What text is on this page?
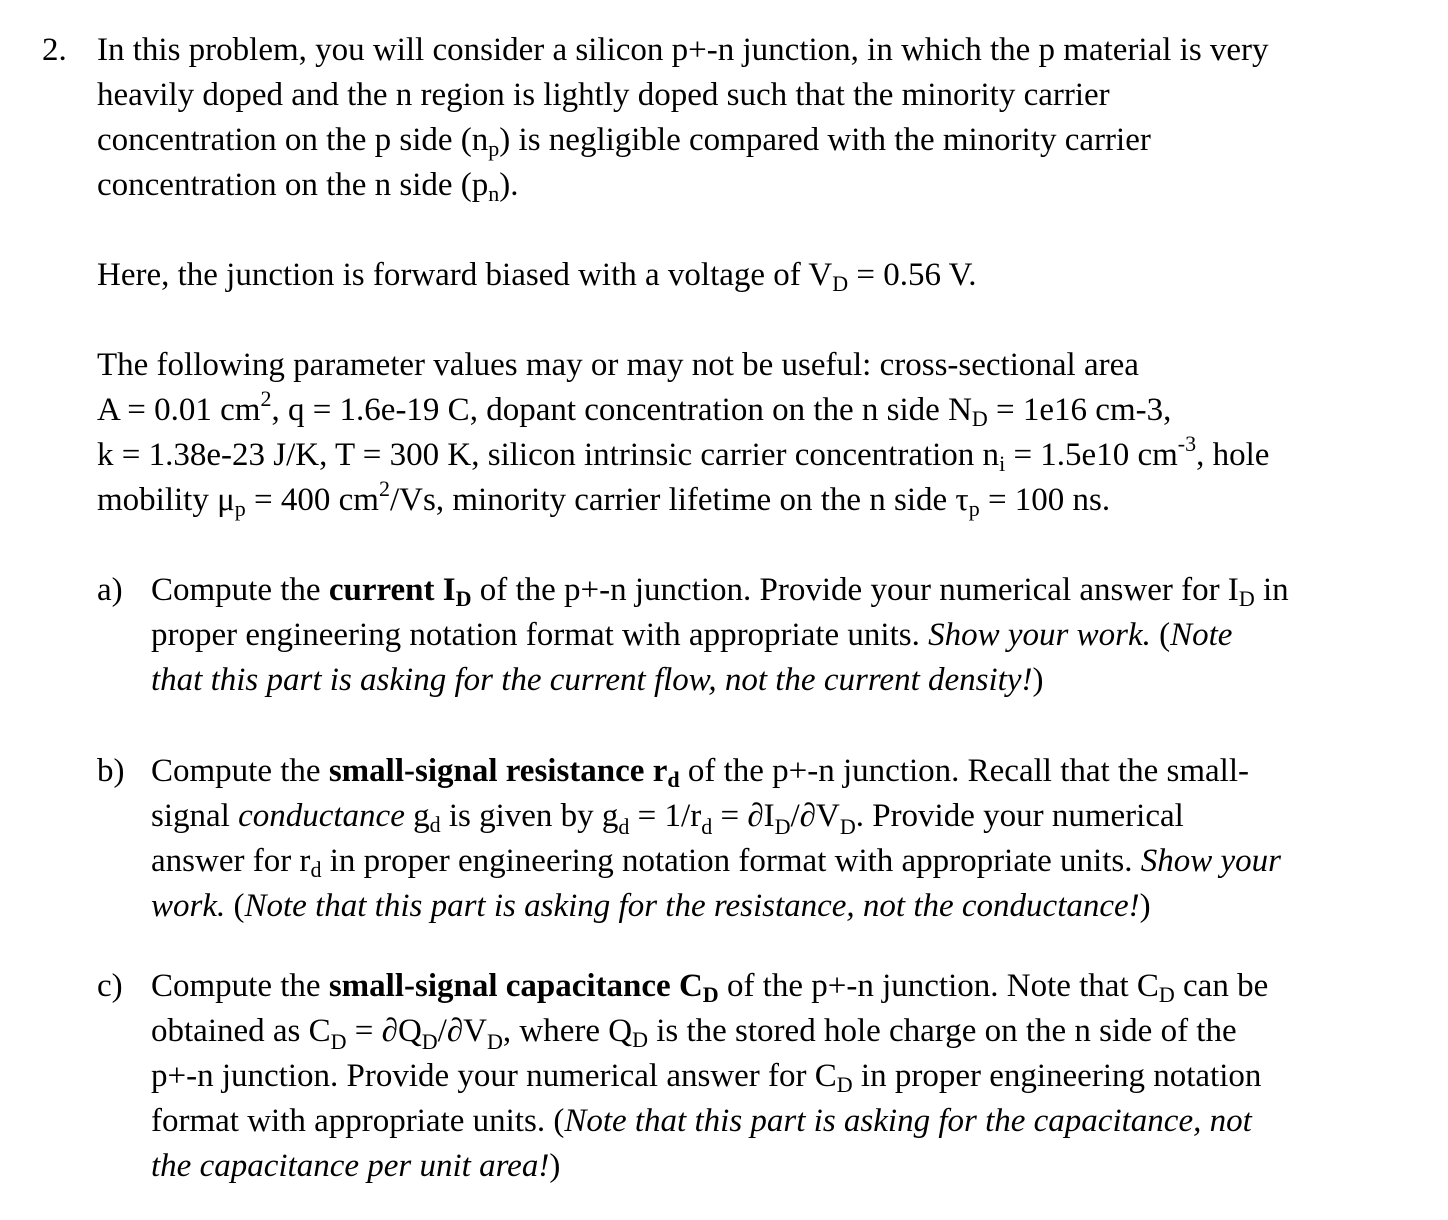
2. In this problem, you will consider a silicon p+-n junction, in which the p material is very
heavily doped and the n region is lightly doped such that the minority carrier
concentration on the p side $(n_p)$ is negligible compared with the minority carrier
concentration on the n side $(p_n)$.
Here, the junction is forward biased with a voltage of $V_D = 0.56$ V.
The following parameter values may or may not be useful: cross-sectional area
A = 0.01 $cm^2$, q = 1.6e-19 C, dopant concentration on the n side $N_D = 1e16$ cm-3,
k = 1.38e-23 J/K, T = 300 K, silicon intrinsic carrier concentration $n_i = 1.5e10$ $cm^{-3}$, hole
mobility $\mu_p = 400$ $cm^2/Vs$, minority carrier lifetime on the n side $\tau_p = 100$ ns.
a) Compute the current $I_D$ of the p+-n junction. Provide your numerical answer for $I_D$ in
proper engineering notation format with appropriate units. Show your work. (Note
that this part is asking for the current flow, not the current density!)
b) Compute the small-signal resistance $r_d$ of the p+-n junction. Recall that the small-
signal conductance $g_d$ is given by $g_d = 1/r_d = \partial I_D/\partial V_D$. Provide your numerical
answer for $r_d$ in proper engineering notation format with appropriate units. Show your
work. (Note that this part is asking for the resistance, not the conductance!)
c) Compute the small-signal capacitance $C_D$ of the p+-n junction. Note that $C_D$ can be
obtained as $C_D = \partial Q_D/\partial V_D$, where $Q_D$ is the stored hole charge on the n side of the
p+-n junction. Provide your numerical answer for $C_D$ in proper engineering notation
format with appropriate units. (Note that this part is asking for the capacitance, not
the capacitance per unit area!)
